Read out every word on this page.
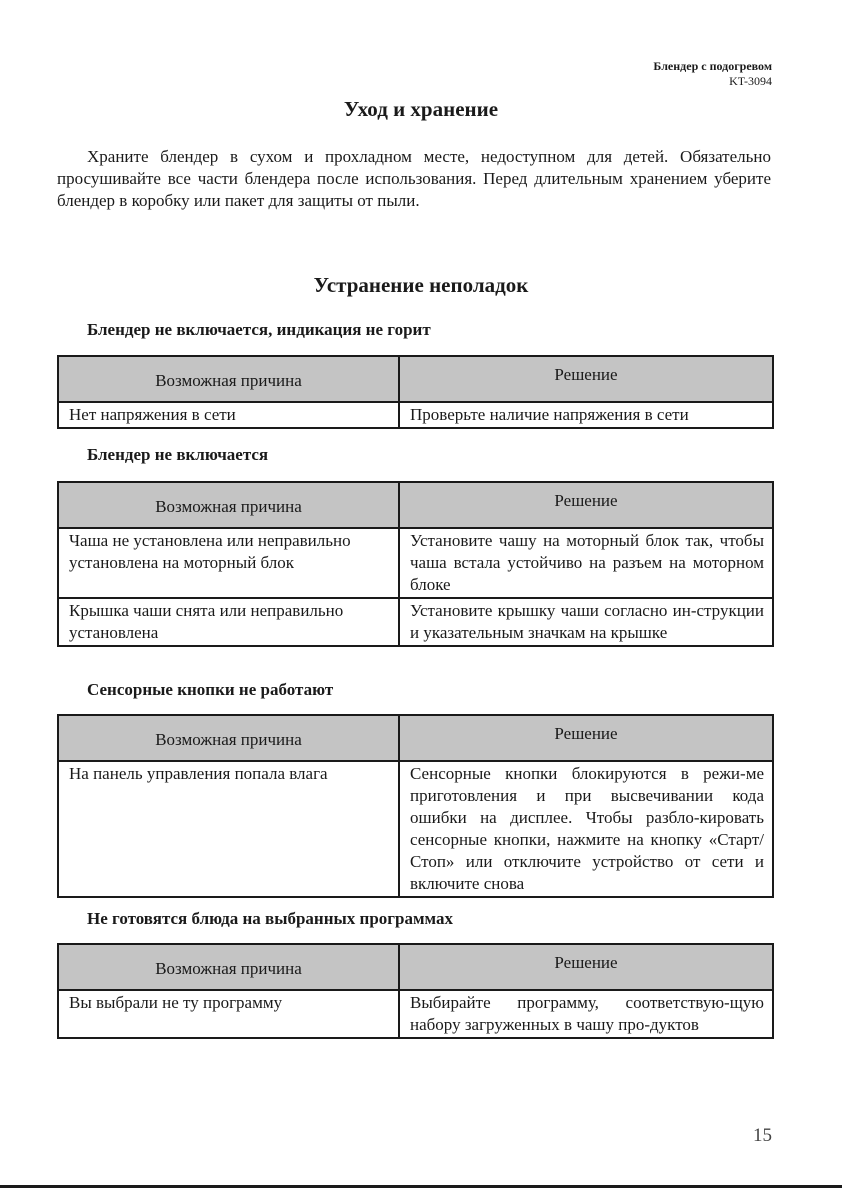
Блендер с подогревом
KT-3094
Уход и хранение

Храните блендер в сухом и прохладном месте, недоступном для детей. Обязательно просушивайте все части блендера после использования. Перед длительным хранением уберите блендер в коробку или пакет для защиты от пыли.

Устранение неполадок
Блендер не включается, индикация не горит
Возможная причина	Решение
Нет напряжения в сети	Проверьте наличие напряжения в сети
Блендер не включается
Возможная причина	Решение
Чаша не установлена или неправильно установлена на моторный блок	Установите чашу на моторный блок так, чтобы чаша встала устойчиво на разъем на моторном блоке
Крышка чаши снята или неправильно установлена	Установите крышку чаши согласно ин-струкции и указательным значкам на крышке
Сенсорные кнопки не работают
Возможная причина	Решение
На панель управления попала влага	Сенсорные кнопки блокируются в режи-ме приготовления и при высвечивании кода ошибки на дисплее. Чтобы разбло-кировать сенсорные кнопки, нажмите на кнопку «Старт/Стоп» или отключите устройство от сети и включите снова
Не готовятся блюда на выбранных программах
Возможная причина	Решение
Вы выбрали не ту программу	Выбирайте программу, соответствую-щую набору загруженных в чашу про-дуктов
15
